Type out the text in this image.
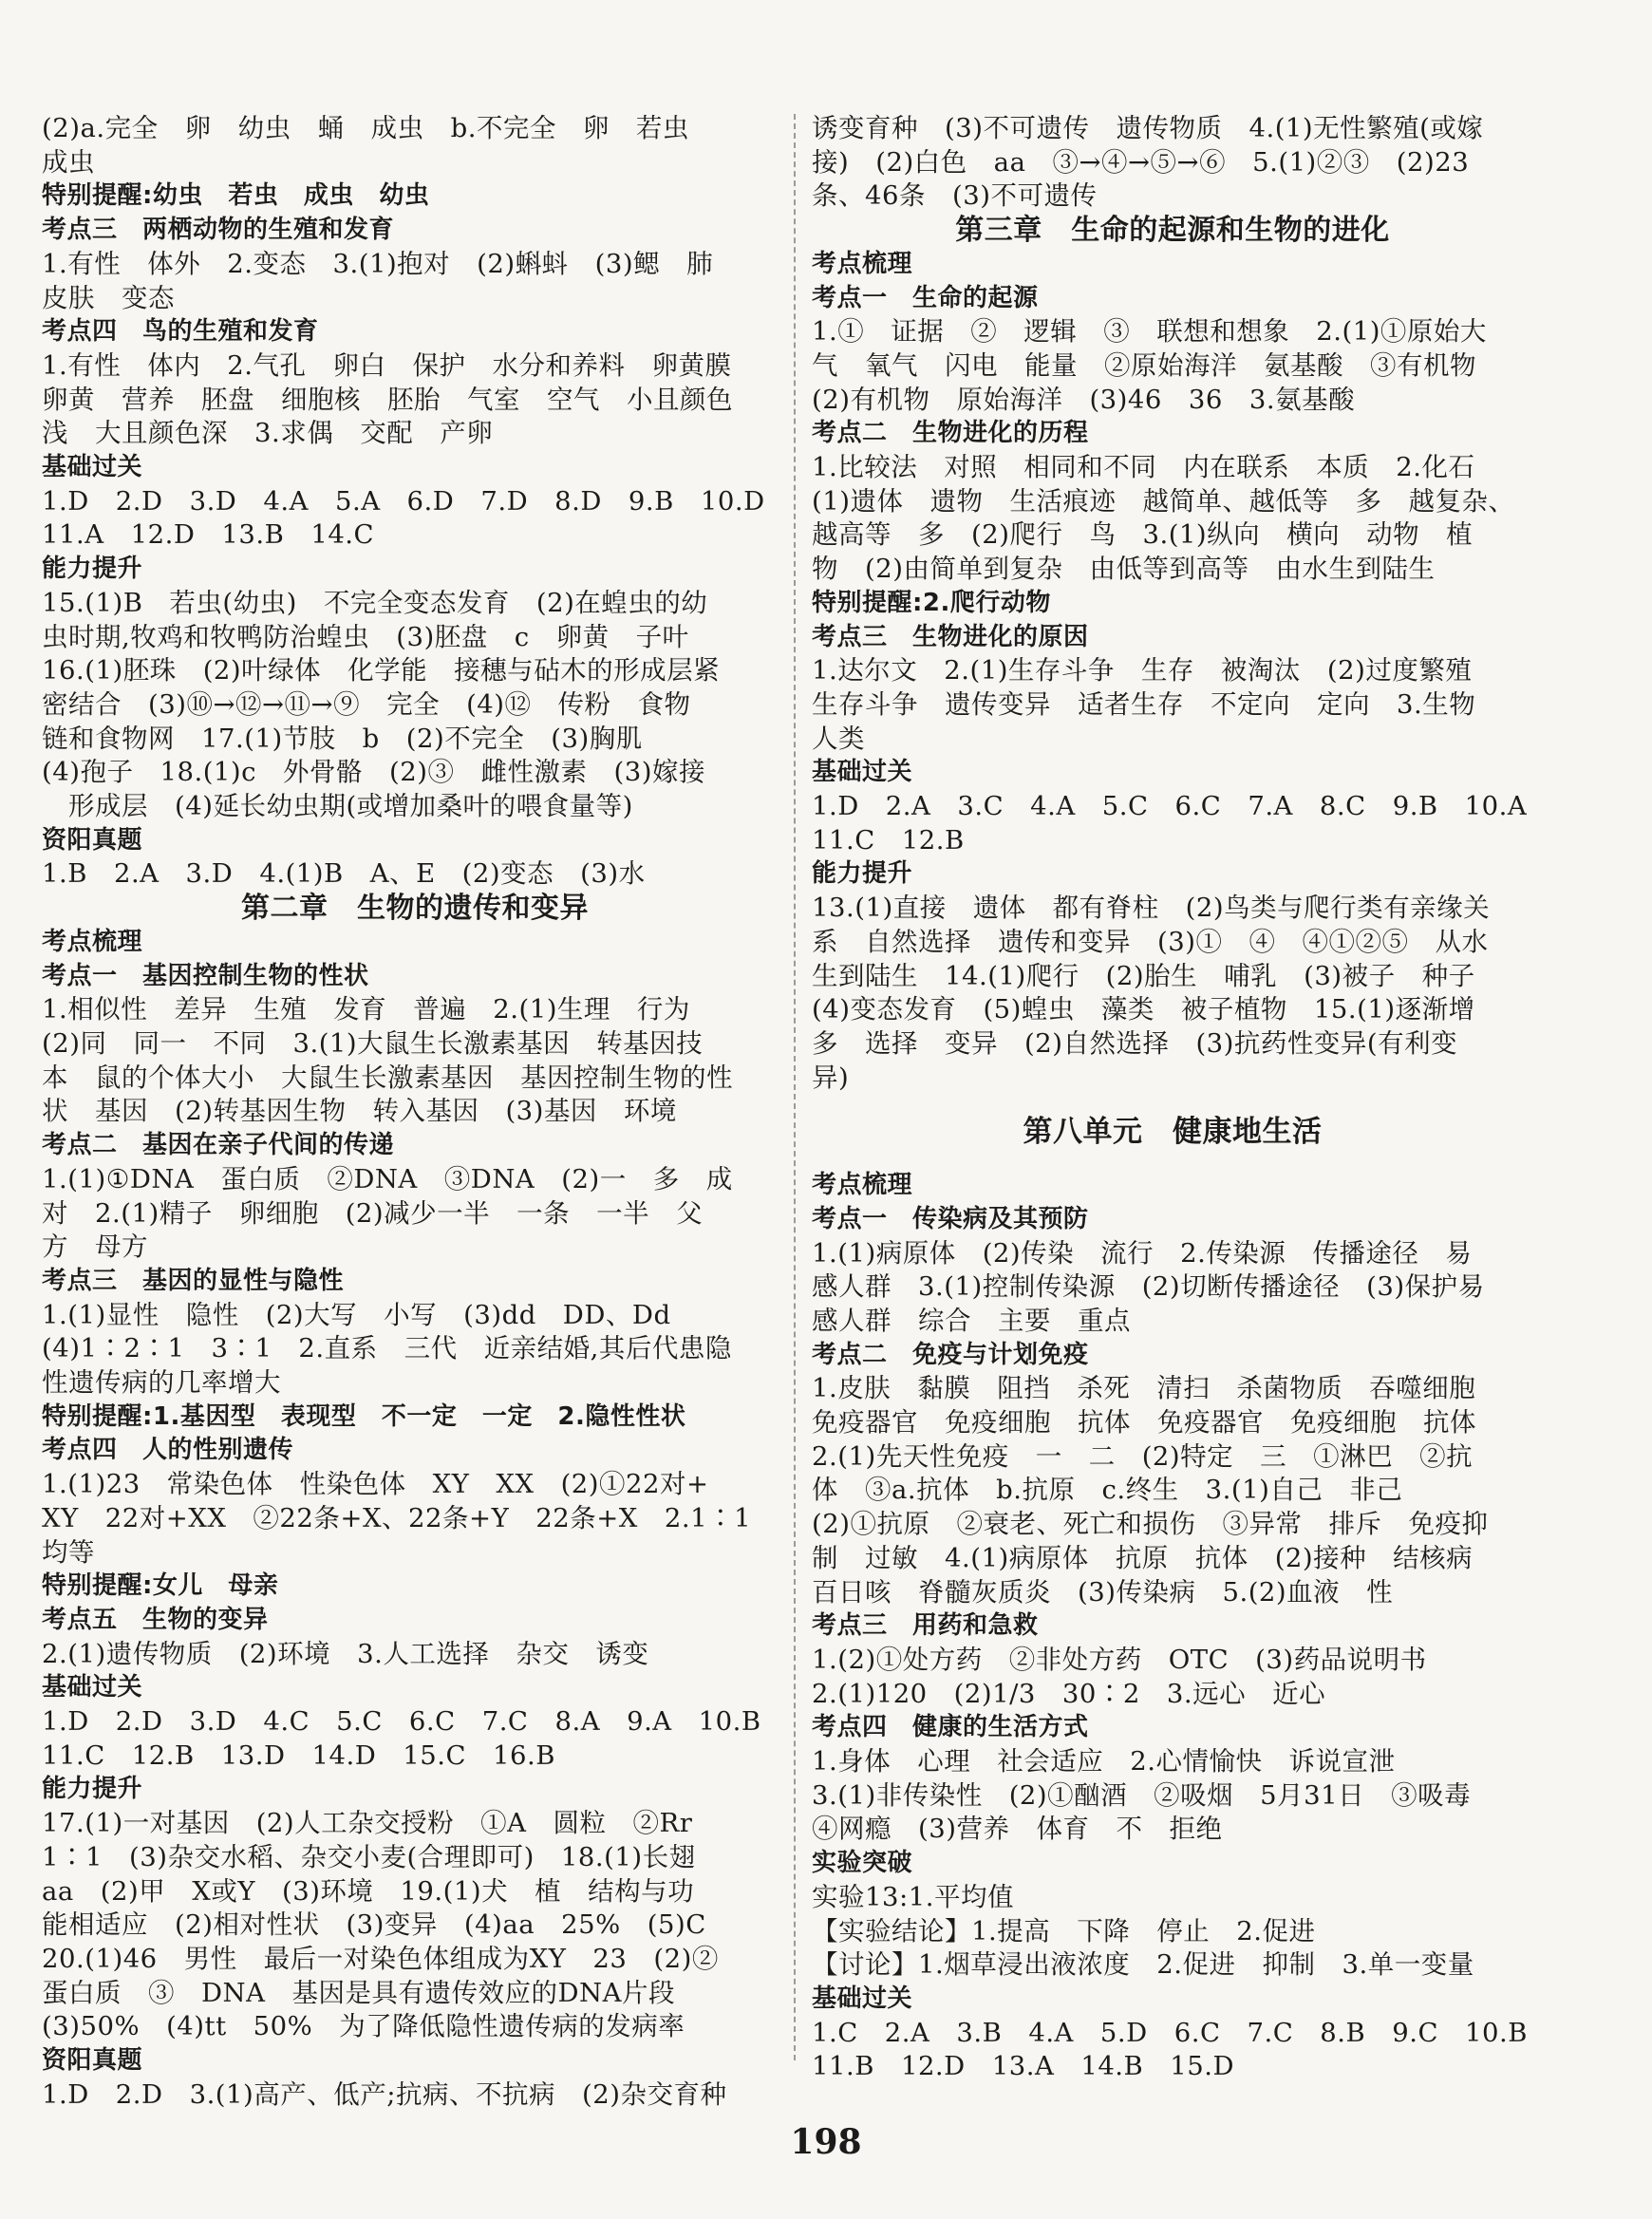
(2)a.完全　卵　幼虫　蛹　成虫　b.不完全　卵　若虫
成虫
特别提醒:幼虫　若虫　成虫　幼虫
考点三　两栖动物的生殖和发育
1.有性　体外　2.变态　3.(1)抱对　(2)蝌蚪　(3)鳃　肺
皮肤　变态
考点四　鸟的生殖和发育
1.有性　体内　2.气孔　卵白　保护　水分和养料　卵黄膜
卵黄　营养　胚盘　细胞核　胚胎　气室　空气　小且颜色
浅　大且颜色深　3.求偶　交配　产卵
基础过关
1.D　2.D　3.D　4.A　5.A　6.D　7.D　8.D　9.B　10.D
11.A　12.D　13.B　14.C
能力提升
15.(1)B　若虫(幼虫)　不完全变态发育　(2)在蝗虫的幼
虫时期,牧鸡和牧鸭防治蝗虫　(3)胚盘　c　卵黄　子叶
16.(1)胚珠　(2)叶绿体　化学能　接穗与砧木的形成层紧
密结合　(3)⑩→⑫→⑪→⑨　完全　(4)⑫　传粉　食物
链和食物网　17.(1)节肢　b　(2)不完全　(3)胸肌
(4)孢子　18.(1)c　外骨骼　(2)③　雌性激素　(3)嫁接
　形成层　(4)延长幼虫期(或增加桑叶的喂食量等)
资阳真题
1.B　2.A　3.D　4.(1)B　A、E　(2)变态　(3)水
第二章　生物的遗传和变异
考点梳理
考点一　基因控制生物的性状
1.相似性　差异　生殖　发育　普遍　2.(1)生理　行为
(2)同　同一　不同　3.(1)大鼠生长激素基因　转基因技
本　鼠的个体大小　大鼠生长激素基因　基因控制生物的性
状　基因　(2)转基因生物　转入基因　(3)基因　环境
考点二　基因在亲子代间的传递
1.(1)①DNA　蛋白质　②DNA　③DNA　(2)一　多　成
对　2.(1)精子　卵细胞　(2)减少一半　一条　一半　父
方　母方
考点三　基因的显性与隐性
1.(1)显性　隐性　(2)大写　小写　(3)dd　DD、Dd
(4)1∶2∶1　3∶1　2.直系　三代　近亲结婚,其后代患隐
性遗传病的几率增大
特别提醒:1.基因型　表现型　不一定　一定　2.隐性性状
考点四　人的性别遗传
1.(1)23　常染色体　性染色体　XY　XX　(2)①22对+
XY　22对+XX　②22条+X、22条+Y　22条+X　2.1∶1
均等
特别提醒:女儿　母亲
考点五　生物的变异
2.(1)遗传物质　(2)环境　3.人工选择　杂交　诱变
基础过关
1.D　2.D　3.D　4.C　5.C　6.C　7.C　8.A　9.A　10.B
11.C　12.B　13.D　14.D　15.C　16.B
能力提升
17.(1)一对基因　(2)人工杂交授粉　①A　圆粒　②Rr
1∶1　(3)杂交水稻、杂交小麦(合理即可)　18.(1)长翅
aa　(2)甲　X或Y　(3)环境　19.(1)犬　植　结构与功
能相适应　(2)相对性状　(3)变异　(4)aa　25%　(5)C
20.(1)46　男性　最后一对染色体组成为XY　23　(2)②
蛋白质　③　DNA　基因是具有遗传效应的DNA片段
(3)50%　(4)tt　50%　为了降低隐性遗传病的发病率
资阳真题
1.D　2.D　3.(1)高产、低产;抗病、不抗病　(2)杂交育种
诱变育种　(3)不可遗传　遗传物质　4.(1)无性繁殖(或嫁
接)　(2)白色　aa　③→④→⑤→⑥　5.(1)②③　(2)23
条、46条　(3)不可遗传
第三章　生命的起源和生物的进化
考点梳理
考点一　生命的起源
1.①　证据　②　逻辑　③　联想和想象　2.(1)①原始大
气　氧气　闪电　能量　②原始海洋　氨基酸　③有机物
(2)有机物　原始海洋　(3)46　36　3.氨基酸
考点二　生物进化的历程
1.比较法　对照　相同和不同　内在联系　本质　2.化石
(1)遗体　遗物　生活痕迹　越简单、越低等　多　越复杂、
越高等　多　(2)爬行　鸟　3.(1)纵向　横向　动物　植
物　(2)由简单到复杂　由低等到高等　由水生到陆生
特别提醒:2.爬行动物
考点三　生物进化的原因
1.达尔文　2.(1)生存斗争　生存　被淘汰　(2)过度繁殖
生存斗争　遗传变异　适者生存　不定向　定向　3.生物
人类
基础过关
1.D　2.A　3.C　4.A　5.C　6.C　7.A　8.C　9.B　10.A
11.C　12.B
能力提升
13.(1)直接　遗体　都有脊柱　(2)鸟类与爬行类有亲缘关
系　自然选择　遗传和变异　(3)①　④　④①②⑤　从水
生到陆生　14.(1)爬行　(2)胎生　哺乳　(3)被子　种子
(4)变态发育　(5)蝗虫　藻类　被子植物　15.(1)逐渐增
多　选择　变异　(2)自然选择　(3)抗药性变异(有利变
异)
第八单元　健康地生活
考点梳理
考点一　传染病及其预防
1.(1)病原体　(2)传染　流行　2.传染源　传播途径　易
感人群　3.(1)控制传染源　(2)切断传播途径　(3)保护易
感人群　综合　主要　重点
考点二　免疫与计划免疫
1.皮肤　黏膜　阻挡　杀死　清扫　杀菌物质　吞噬细胞
免疫器官　免疫细胞　抗体　免疫器官　免疫细胞　抗体
2.(1)先天性免疫　一　二　(2)特定　三　①淋巴　②抗
体　③a.抗体　b.抗原　c.终生　3.(1)自己　非己
(2)①抗原　②衰老、死亡和损伤　③异常　排斥　免疫抑
制　过敏　4.(1)病原体　抗原　抗体　(2)接种　结核病
百日咳　脊髓灰质炎　(3)传染病　5.(2)血液　性
考点三　用药和急救
1.(2)①处方药　②非处方药　OTC　(3)药品说明书
2.(1)120　(2)1/3　30∶2　3.远心　近心
考点四　健康的生活方式
1.身体　心理　社会适应　2.心情愉快　诉说宣泄
3.(1)非传染性　(2)①酗酒　②吸烟　5月31日　③吸毒
④网瘾　(3)营养　体育　不　拒绝
实验突破
实验13:1.平均值
【实验结论】1.提高　下降　停止　2.促进
【讨论】1.烟草浸出液浓度　2.促进　抑制　3.单一变量
基础过关
1.C　2.A　3.B　4.A　5.D　6.C　7.C　8.B　9.C　10.B
11.B　12.D　13.A　14.B　15.D
198
